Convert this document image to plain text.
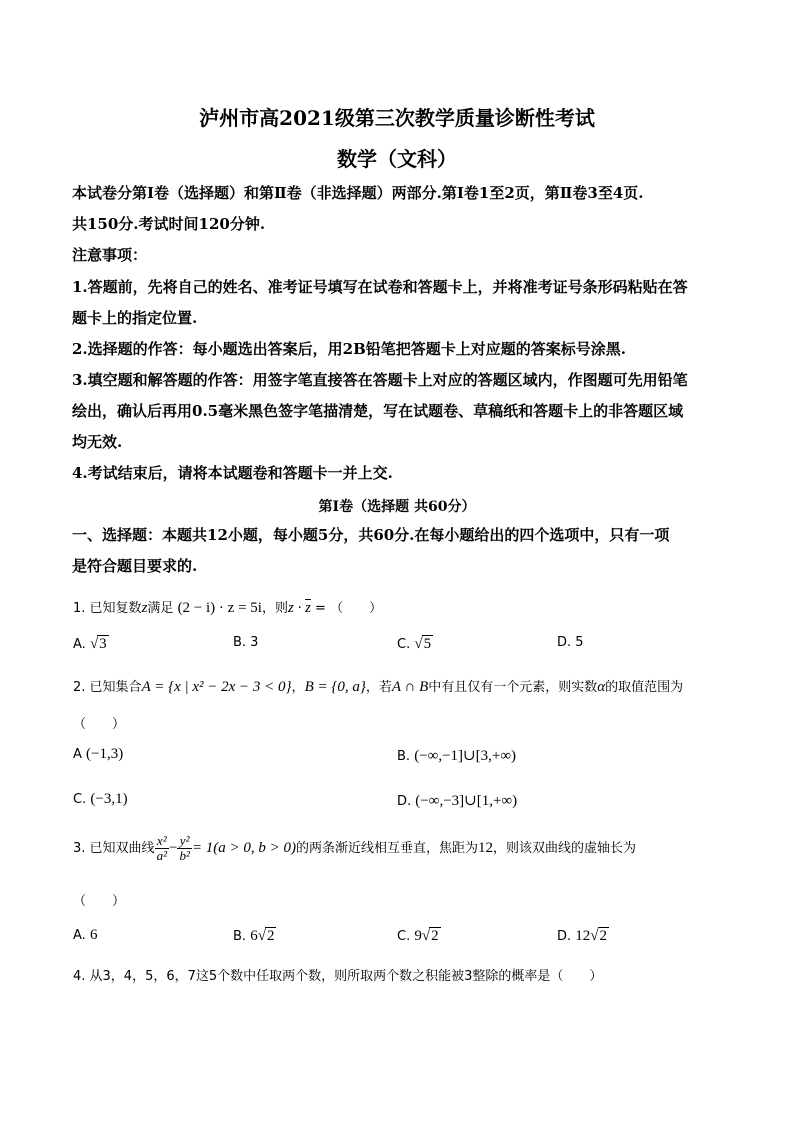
泸州市高2021级第三次教学质量诊断性考试
数学（文科）
本试卷分第Ⅰ卷（选择题）和第Ⅱ卷（非选择题）两部分.第Ⅰ卷1至2页，第Ⅱ卷3至4页.
共150分.考试时间120分钟.
注意事项：
1.答题前，先将自己的姓名、准考证号填写在试卷和答题卡上，并将准考证号条形码粘贴在答
题卡上的指定位置.
2.选择题的作答：每小题选出答案后，用2B铅笔把答题卡上对应题的答案标号涂黑.
3.填空题和解答题的作答：用签字笔直接答在答题卡上对应的答题区域内，作图题可先用铅笔
绘出，确认后再用0.5毫米黑色签字笔描清楚，写在试题卷、草稿纸和答题卡上的非答题区域
均无效.
4.考试结束后，请将本试题卷和答题卡一并上交.
第Ⅰ卷（选择题 共60分）
一、选择题：本题共12小题，每小题5分，共60分.在每小题给出的四个选项中，只有一项
是符合题目要求的.
1. 已知复数z满足 (2 − i) · z = 5i，则$z \cdot \overline{z}$ = （　　）
A. √3	B. 3	C. √5	D. 5
2. 已知集合A = {x | x² − 2x − 3 < 0}，B = {0, a}，若A ∩ B中有且仅有一个元素，则实数α的取值范围为
（　　）
A (−1,3)	B. (−∞,−1]∪[3,+∞)
C. (−3,1)	D. (−∞,−3]∪[1,+∞)
3. 已知双曲线 $\frac{\text{x²}}{\text{a²}} - \frac{\text{y²}}{\text{b²}} = 1(a > 0$, b > 0)的两条渐近线相互垂直，焦距为12，则该双曲线的虚轴长为
（　　）
A. 6	B. 6√2	C. 9√2	D. 12√2
4. 从3，4，5，6，7这5个数中任取两个数，则所取两个数之积能被3整除的概率是（　　）
